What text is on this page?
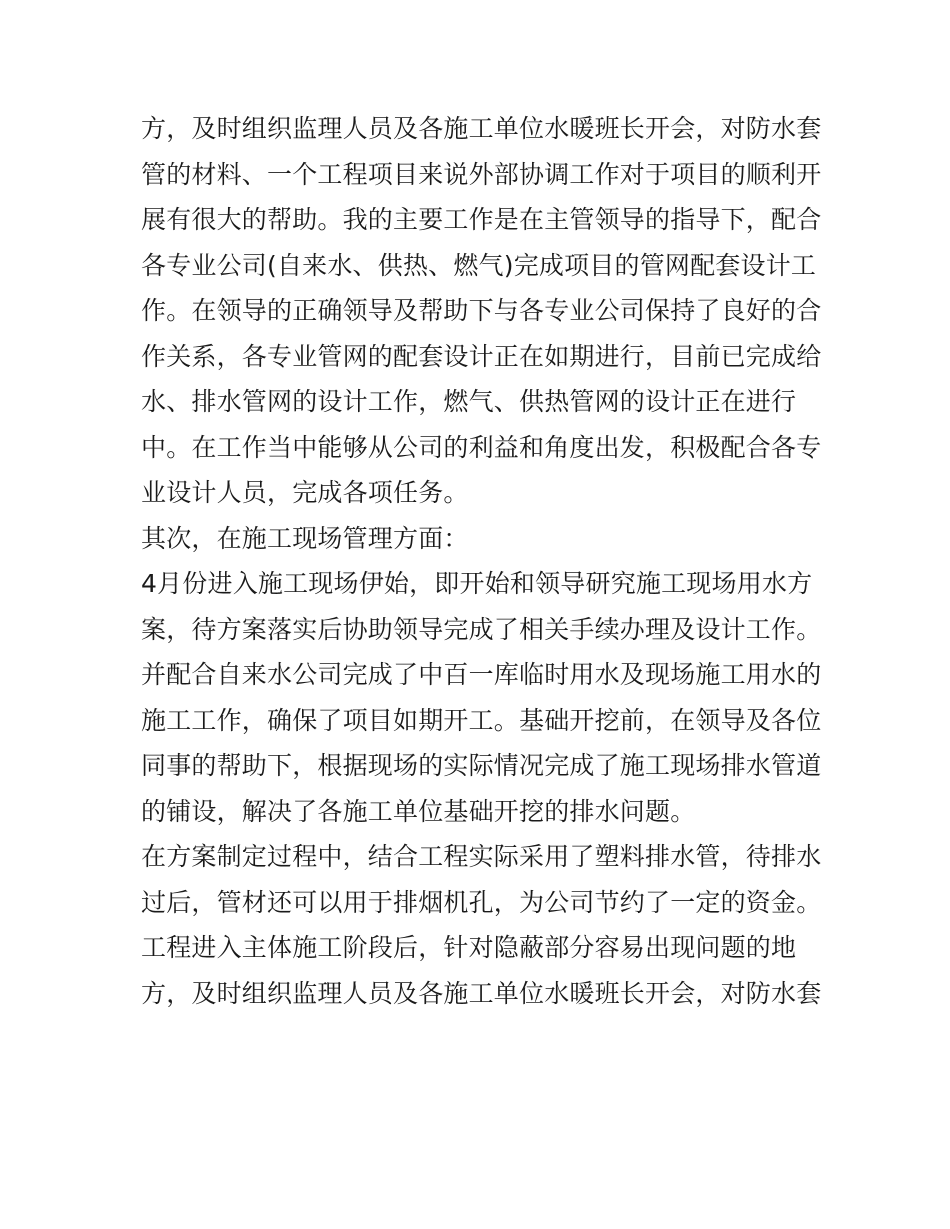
方，及时组织监理人员及各施工单位水暖班长开会，对防水套
管的材料、一个工程项目来说外部协调工作对于项目的顺利开
展有很大的帮助。我的主要工作是在主管领导的指导下，配合
各专业公司(自来水、供热、燃气)完成项目的管网配套设计工
作。在领导的正确领导及帮助下与各专业公司保持了良好的合
作关系，各专业管网的配套设计正在如期进行，目前已完成给
水、排水管网的设计工作，燃气、供热管网的设计正在进行
中。在工作当中能够从公司的利益和角度出发，积极配合各专
业设计人员，完成各项任务。
其次，在施工现场管理方面：
4月份进入施工现场伊始，即开始和领导研究施工现场用水方
案，待方案落实后协助领导完成了相关手续办理及设计工作。
并配合自来水公司完成了中百一库临时用水及现场施工用水的
施工工作，确保了项目如期开工。基础开挖前，在领导及各位
同事的帮助下，根据现场的实际情况完成了施工现场排水管道
的铺设，解决了各施工单位基础开挖的排水问题。
在方案制定过程中，结合工程实际采用了塑料排水管，待排水
过后，管材还可以用于排烟机孔，为公司节约了一定的资金。
工程进入主体施工阶段后，针对隐蔽部分容易出现问题的地
方，及时组织监理人员及各施工单位水暖班长开会，对防水套
